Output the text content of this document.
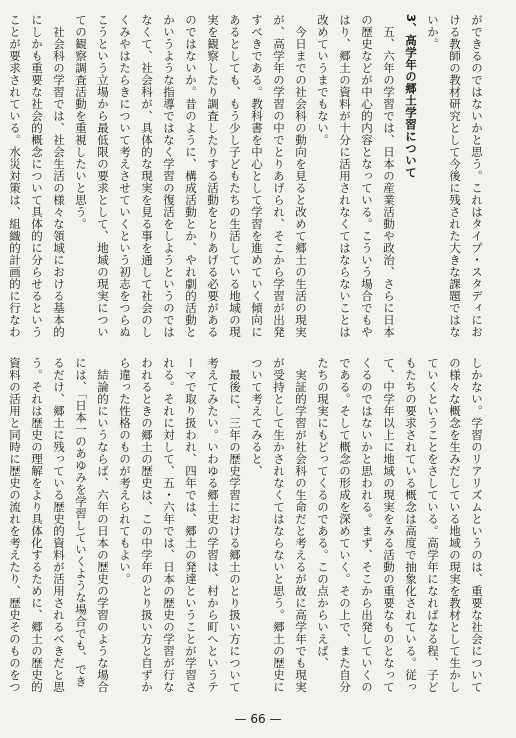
ができるのではないかと思う。これはタイプ・スタディにおける教師の教材研究として今後に残された大きな課題ではないか。

3、高学年の郷土学習について

五、六年の学習では、日本の産業活動や政治、さらに日本の歴史などが中心的内容となっている。こういう場合でもやはり、郷土の資料が十分に活用されなくてはならないことは改めていうまでもない。

今日までの社会科の動向を見ると改めて郷土の生活の現実が、高学年の学習の中でとりあげられ、そこから学習が出発すべきである。教科書を中心として学習を進めていく傾向にあるとしても、もう少し子どもたちの生活している地域の現実を観察したり調査したりする活動をとりあげる必要があるのではないか。昔のように、構成活動とか、やれ劇的活動とかいうような指導ではなく学習の復活をしようというのではなくて、社会科が、具体的な現実を見る事を通して社会のしくみやはたらきについて考えさせていくという初志をつらぬこうという立場から最低限の要求として、地域の現実についての観察調査活動を重視したいと思う。

社会科の学習では、社会生活の様々な領域における基本的にしかも重要な社会的概念について具体的に分らせるということが要求されている。水災対策は、組織的計画的に行なわ

しかない。学習のリアリズムというのは、重要な社会についての様々な概念を生みだしている地域の現実を教材として生かしていくということをさしている。高学年になればなる程、子どもたちの要求されている概念は高度で抽象化されている。従って、中学年以上に地域の現実をみる活動の重要なものとなってくるのではないかと思われる。まず、そこから出発していくのである。そして概念の形成を深めていく。その上で、また自分たちの現実にもどってくるのである。この点からいえば、

実証的学習が社会科の生命だと考えるが故に高学年でも現実が受持として生かされなくてはならないと思う。郷土の歴史について考えてみると、

最後に、三年の歴史学習における郷土のとり扱い方について考えてみたい。いわゆる郷土史の学習は、村から町へというテーマで取り扱われ、四年では、郷土の発達ということが学習される。それに対して、五・六年では、日本の歴史の学習が行なわれるときの郷土の歴史は、この中学年のとり扱い方と自ずから違った性格のものが考えられてもよい。

結論的にいうならば、六年の日本の歴史の学習のような場合には、「日本一のあゆみを学習していくような場合でも、できるだけ、郷土に残っている歴史的資料が活用されるべきだと思う。それは歴史の理解をより具体化するために、郷土の歴史的資料の活用と同時に歴史の流れを考えたり、歴史そのものをつ

— 66 —
